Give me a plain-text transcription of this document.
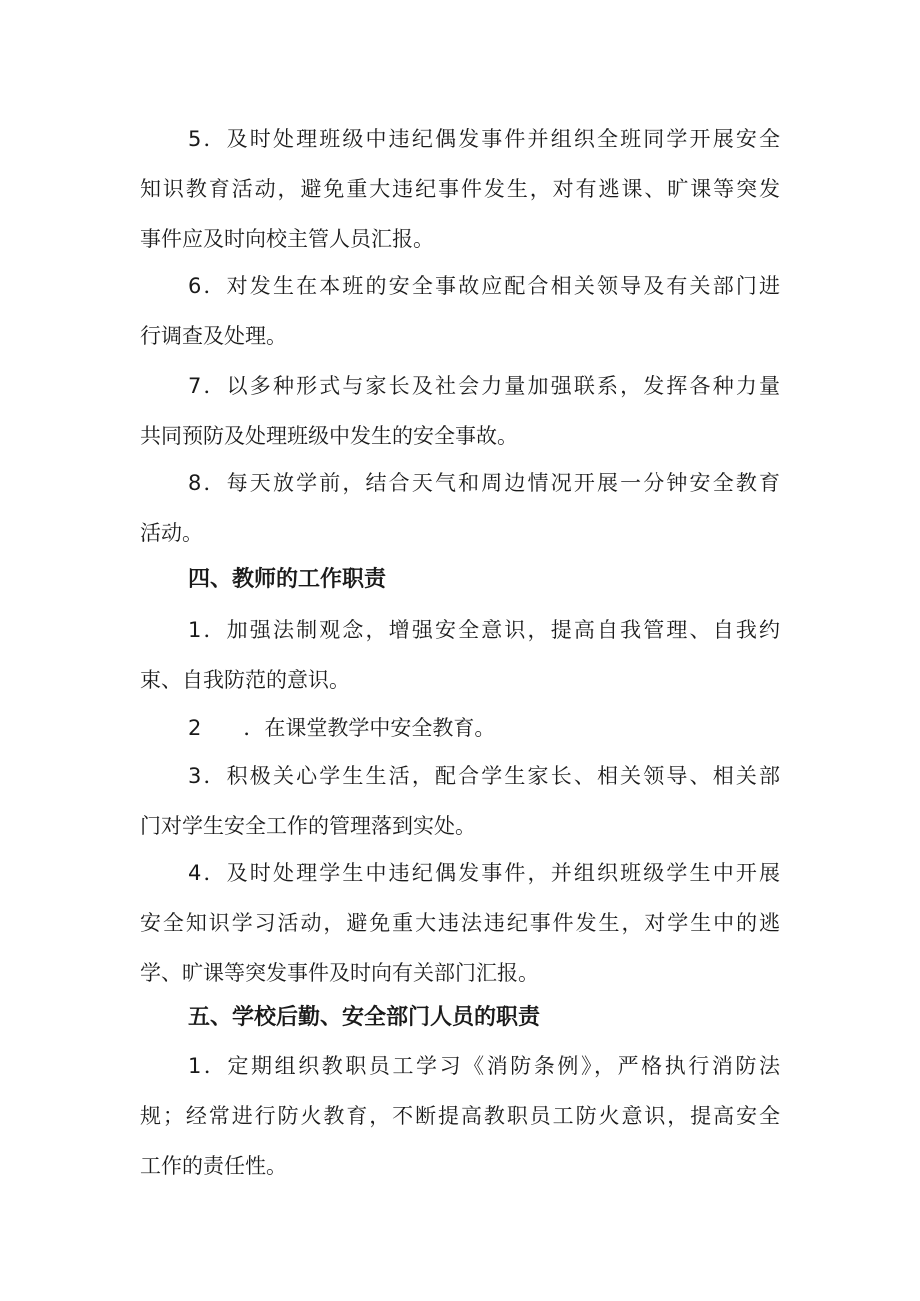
5．及时处理班级中违纪偶发事件并组织全班同学开展安全
知识教育活动，避免重大违纪事件发生，对有逃课、旷课等突发
事件应及时向校主管人员汇报。
6．对发生在本班的安全事故应配合相关领导及有关部门进
行调查及处理。
7．以多种形式与家长及社会力量加强联系，发挥各种力量
共同预防及处理班级中发生的安全事故。
8．每天放学前，结合天气和周边情况开展一分钟安全教育
活动。
四、教师的工作职责
1．加强法制观念，增强安全意识，提高自我管理、自我约
束、自我防范的意识。
2　　．在课堂教学中安全教育。
3．积极关心学生生活，配合学生家长、相关领导、相关部
门对学生安全工作的管理落到实处。
4．及时处理学生中违纪偶发事件，并组织班级学生中开展
安全知识学习活动，避免重大违法违纪事件发生，对学生中的逃
学、旷课等突发事件及时向有关部门汇报。
五、学校后勤、安全部门人员的职责
1．定期组织教职员工学习《消防条例》，严格执行消防法
规；经常进行防火教育，不断提高教职员工防火意识，提高安全
工作的责任性。
